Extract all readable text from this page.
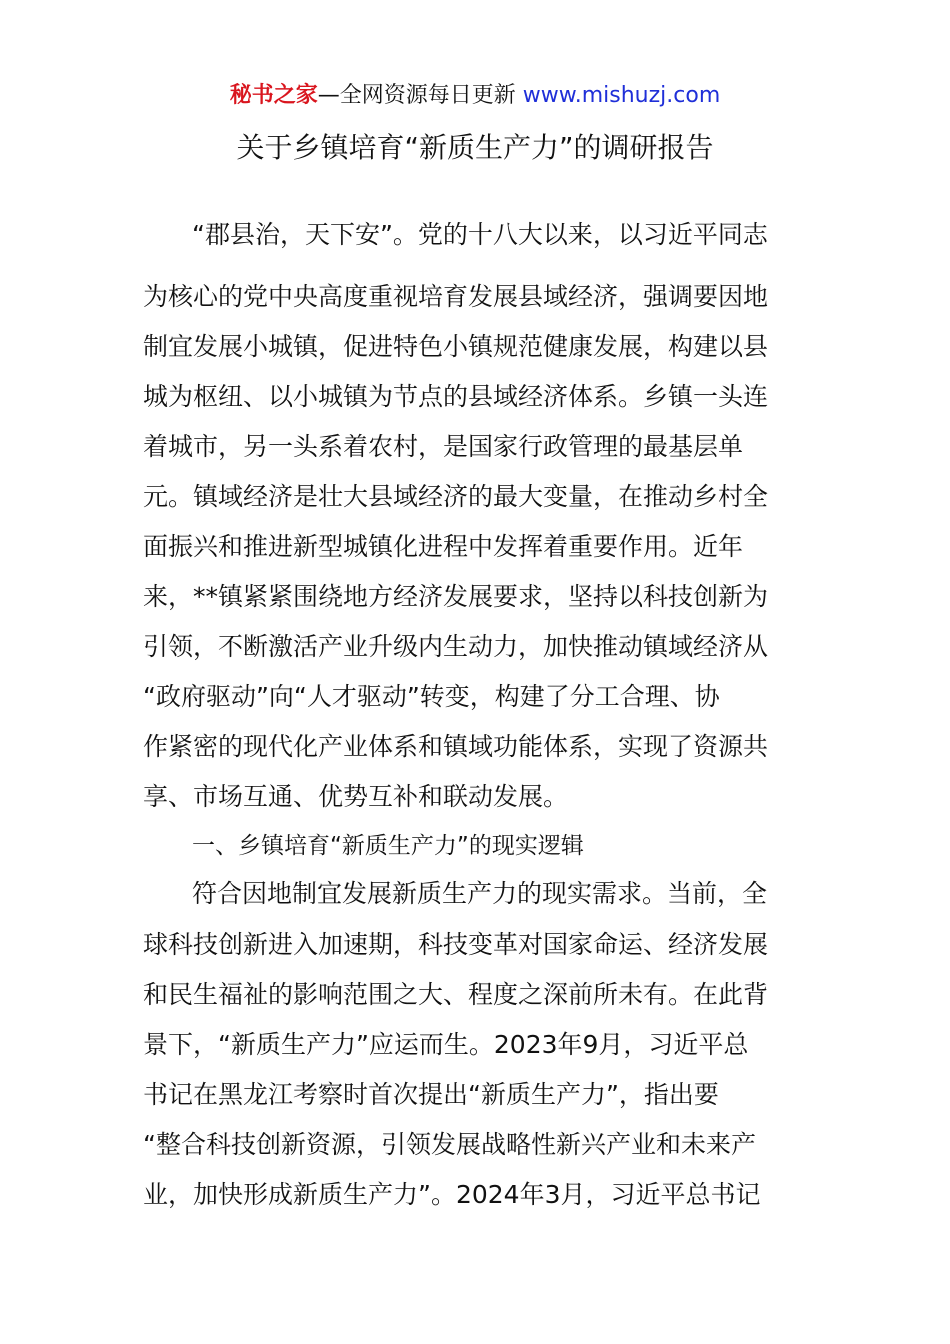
秘书之家—全网资源每日更新 www.mishuzj.com
关于乡镇培育“新质生产力”的调研报告
“郡县治，天下安”。党的十八大以来，以习近平同志
为核心的党中央高度重视培育发展县域经济，强调要因地
制宜发展小城镇，促进特色小镇规范健康发展，构建以县
城为枢纽、以小城镇为节点的县域经济体系。乡镇一头连
着城市，另一头系着农村，是国家行政管理的最基层单
元。镇域经济是壮大县域经济的最大变量，在推动乡村全
面振兴和推进新型城镇化进程中发挥着重要作用。近年
来，**镇紧紧围绕地方经济发展要求，坚持以科技创新为
引领，不断激活产业升级内生动力，加快推动镇域经济从
“政府驱动”向“人才驱动”转变，构建了分工合理、协
作紧密的现代化产业体系和镇域功能体系，实现了资源共
享、市场互通、优势互补和联动发展。
一、乡镇培育“新质生产力”的现实逻辑
符合因地制宜发展新质生产力的现实需求。当前，全
球科技创新进入加速期，科技变革对国家命运、经济发展
和民生福祉的影响范围之大、程度之深前所未有。在此背
景下，“新质生产力”应运而生。2023年9月，习近平总
书记在黑龙江考察时首次提出“新质生产力”，指出要
“整合科技创新资源，引领发展战略性新兴产业和未来产
业，加快形成新质生产力”。2024年3月，习近平总书记
